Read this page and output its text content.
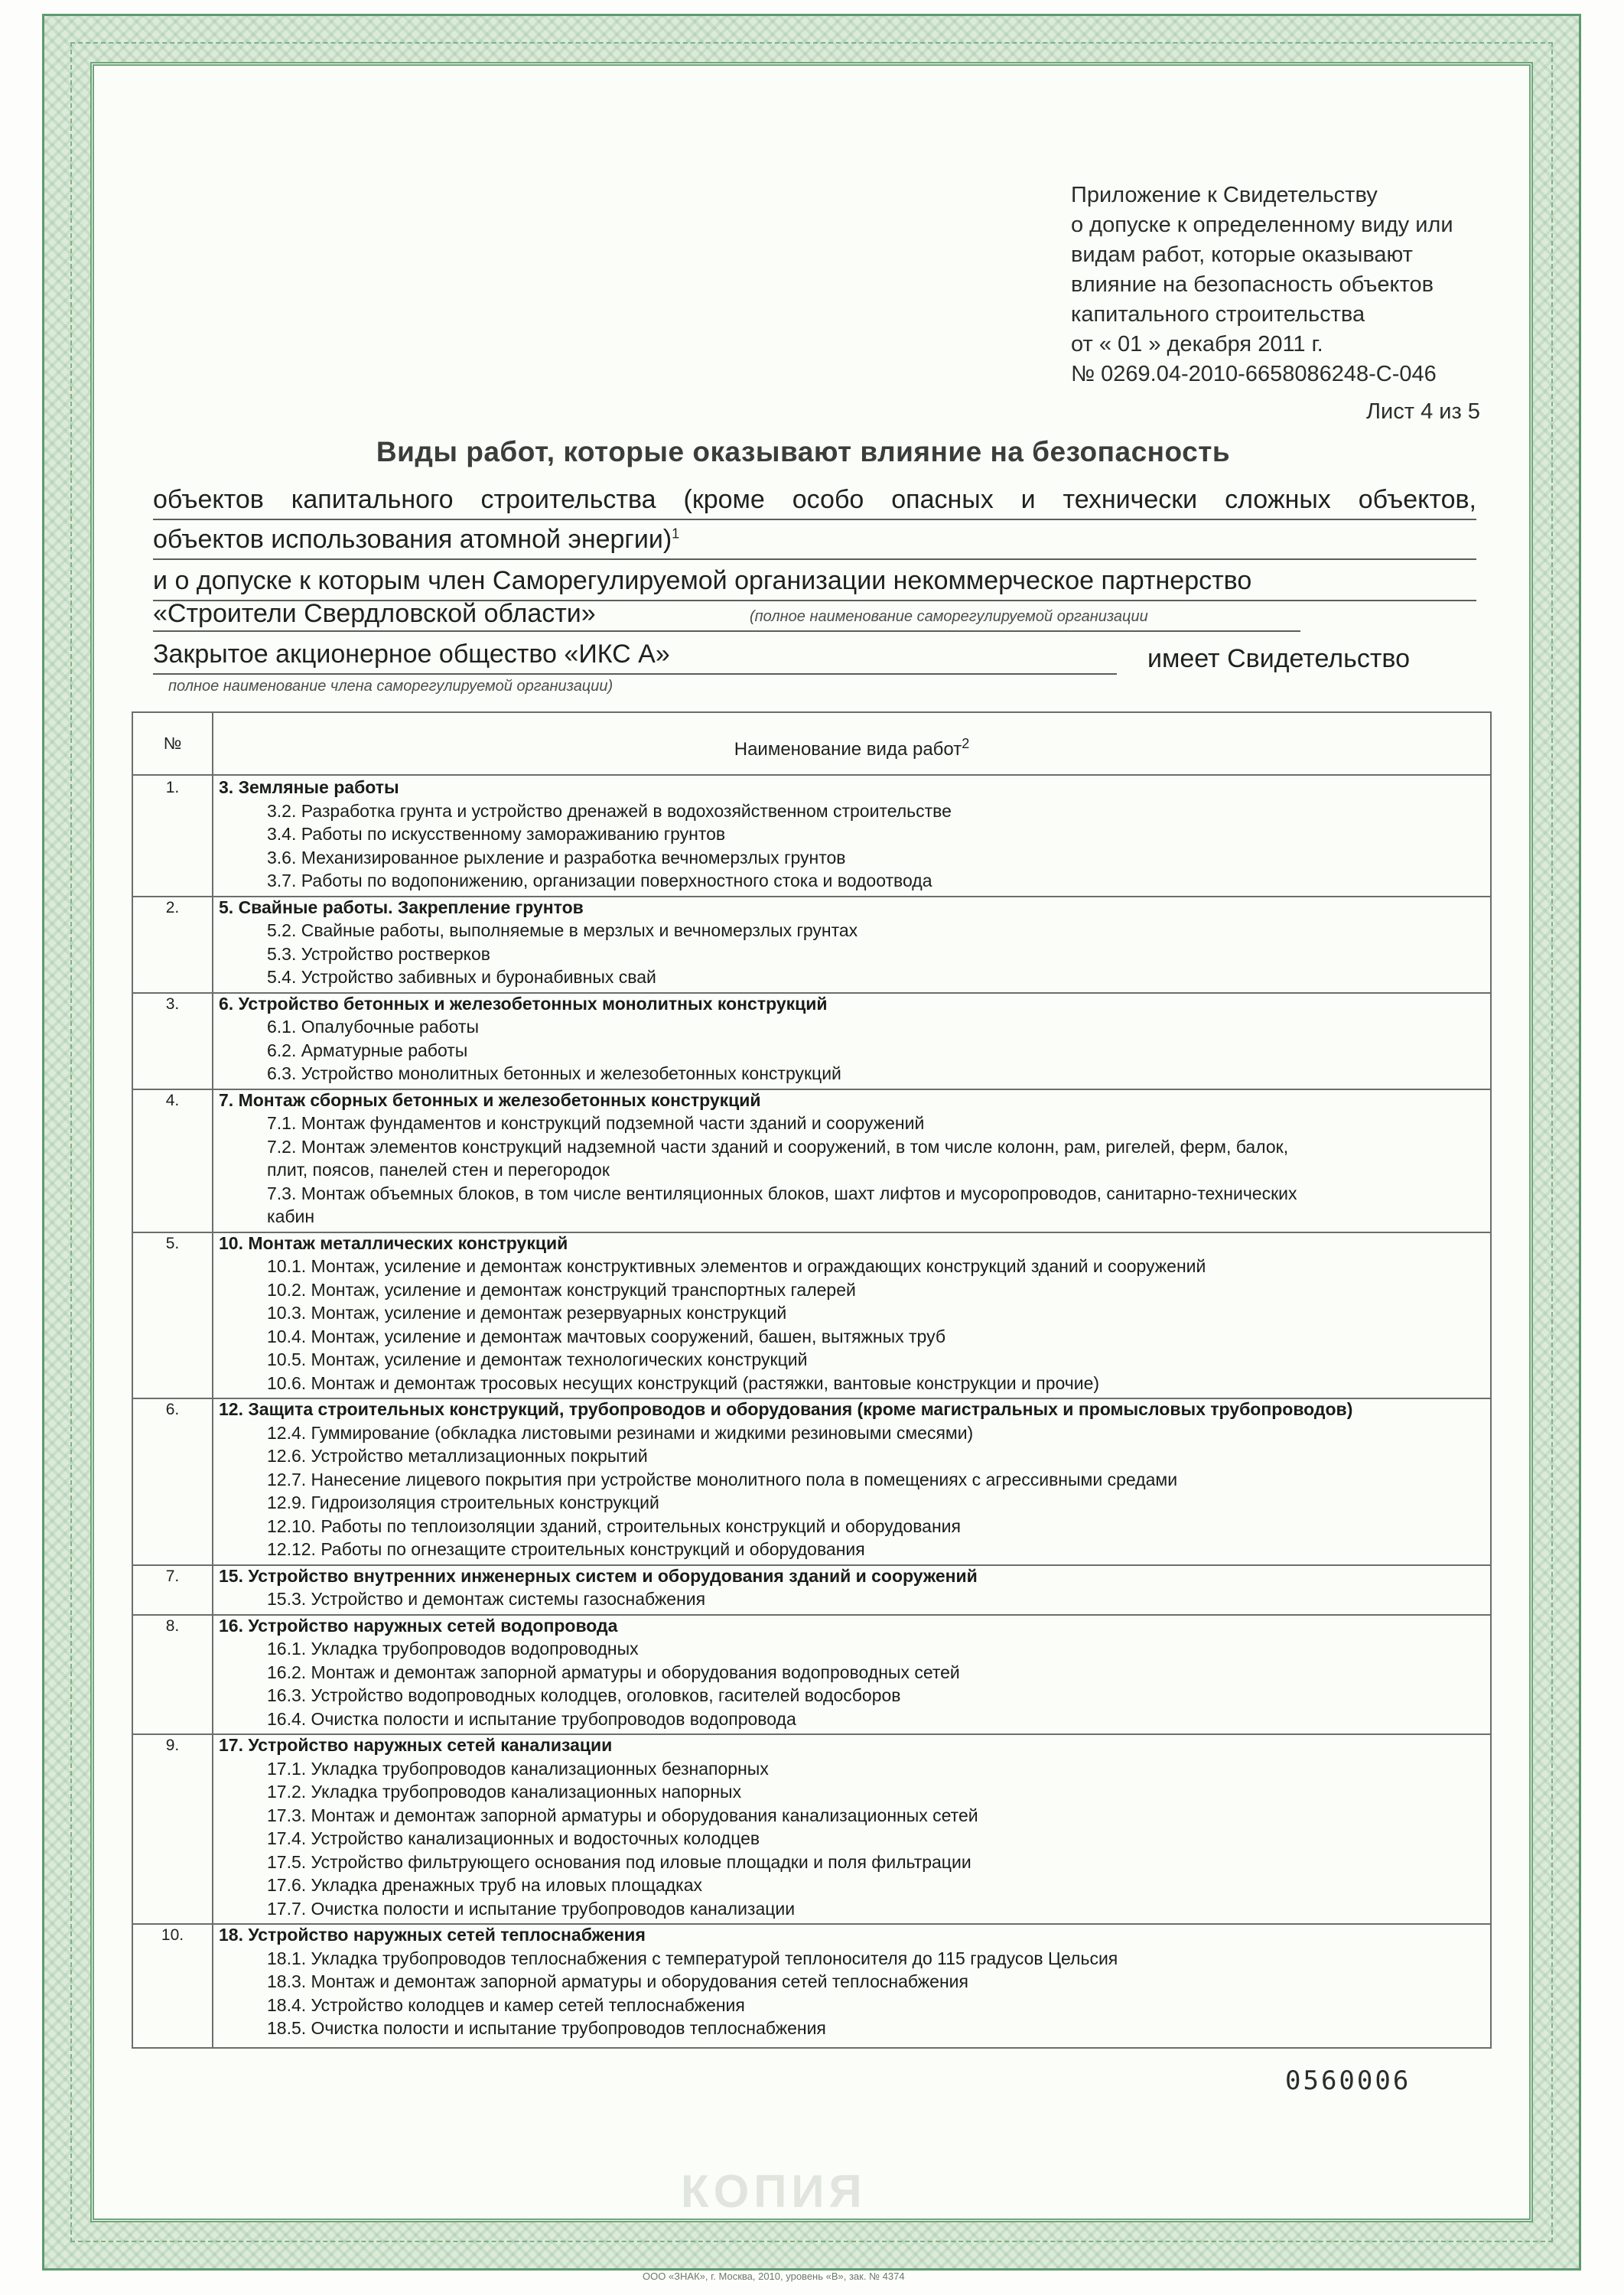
Приложение к Свидетельству
о допуске к определенному виду или
видам работ, которые оказывают
влияние на безопасность объектов
капитального строительства
от « 01 » декабря 2011 г.
№ 0269.04-2010-6658086248-С-046
Лист 4 из 5
Виды работ, которые оказывают влияние на безопасность
объектов капитального строительства (кроме особо опасных и технически сложных объектов,
объектов использования атомной энергии)$^1$
и о допуске к которым член Саморегулируемой организации некоммерческое партнерство
«Строители Свердловской области»	(полное наименование саморегулируемой организации
Закрытое акционерное общество «ИКС А»	имеет Свидетельство
полное наименование члена саморегулируемой организации)
№	Наименование вида работ$^2$
1.	3. Земляные работы
3.2. Разработка грунта и устройство дренажей в водохозяйственном строительстве
3.4. Работы по искусственному замораживанию грунтов
3.6. Механизированное рыхление и разработка вечномерзлых грунтов
3.7. Работы по водопонижению, организации поверхностного стока и водоотвода
2.	5. Свайные работы. Закрепление грунтов
5.2. Свайные работы, выполняемые в мерзлых и вечномерзлых грунтах
5.3. Устройство ростверков
5.4. Устройство забивных и буронабивных свай
3.	6. Устройство бетонных и железобетонных монолитных конструкций
6.1. Опалубочные работы
6.2. Арматурные работы
6.3. Устройство монолитных бетонных и железобетонных конструкций
4.	7. Монтаж сборных бетонных и железобетонных конструкций
7.1. Монтаж фундаментов и конструкций подземной части зданий и сооружений
7.2. Монтаж элементов конструкций надземной части зданий и сооружений, в том числе колонн, рам, ригелей, ферм, балок,
плит, поясов, панелей стен и перегородок
7.3. Монтаж объемных блоков, в том числе вентиляционных блоков, шахт лифтов и мусоропроводов, санитарно-технических
кабин
5.	10. Монтаж металлических конструкций
10.1. Монтаж, усиление и демонтаж конструктивных элементов и ограждающих конструкций зданий и сооружений
10.2. Монтаж, усиление и демонтаж конструкций транспортных галерей
10.3. Монтаж, усиление и демонтаж резервуарных конструкций
10.4. Монтаж, усиление и демонтаж мачтовых сооружений, башен, вытяжных труб
10.5. Монтаж, усиление и демонтаж технологических конструкций
10.6. Монтаж и демонтаж тросовых несущих конструкций (растяжки, вантовые конструкции и прочие)
6.	12. Защита строительных конструкций, трубопроводов и оборудования (кроме магистральных и промысловых трубопроводов)
12.4. Гуммирование (обкладка листовыми резинами и жидкими резиновыми смесями)
12.6. Устройство металлизационных покрытий
12.7. Нанесение лицевого покрытия при устройстве монолитного пола в помещениях с агрессивными средами
12.9. Гидроизоляция строительных конструкций
12.10. Работы по теплоизоляции зданий, строительных конструкций и оборудования
12.12. Работы по огнезащите строительных конструкций и оборудования
7.	15. Устройство внутренних инженерных систем и оборудования зданий и сооружений
15.3. Устройство и демонтаж системы газоснабжения
8.	16. Устройство наружных сетей водопровода
16.1. Укладка трубопроводов водопроводных
16.2. Монтаж и демонтаж запорной арматуры и оборудования водопроводных сетей
16.3. Устройство водопроводных колодцев, оголовков, гасителей водосборов
16.4. Очистка полости и испытание трубопроводов водопровода
9.	17. Устройство наружных сетей канализации
17.1. Укладка трубопроводов канализационных безнапорных
17.2. Укладка трубопроводов канализационных напорных
17.3. Монтаж и демонтаж запорной арматуры и оборудования канализационных сетей
17.4. Устройство канализационных и водосточных колодцев
17.5. Устройство фильтрующего основания под иловые площадки и поля фильтрации
17.6. Укладка дренажных труб на иловых площадках
17.7. Очистка полости и испытание трубопроводов канализации
10.	18. Устройство наружных сетей теплоснабжения
18.1. Укладка трубопроводов теплоснабжения с температурой теплоносителя до 115 градусов Цельсия
18.3. Монтаж и демонтаж запорной арматуры и оборудования сетей теплоснабжения
18.4. Устройство колодцев и камер сетей теплоснабжения
18.5. Очистка полости и испытание трубопроводов теплоснабжения
0560006
КОПИЯ
ООО «ЗНАК», г. Москва, 2010, уровень «В», зак. № 4374
